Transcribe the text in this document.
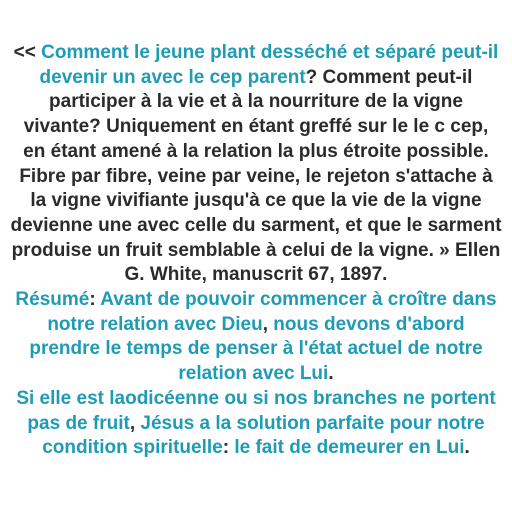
<< Comment le jeune plant desséché et séparé peut-il devenir un avec le cep parent? Comment peut-il participer à la vie et à la nourriture de la vigne vivante? Uniquement en étant greffé sur le le c cep, en étant amené à la relation la plus étroite possible. Fibre par fibre, veine par veine, le rejeton s'attache à la vigne vivifiante jusqu'à ce que la vie de la vigne devienne une avec celle du sarment, et que le sarment produise un fruit semblable à celui de la vigne. » Ellen G. White, manuscrit 67, 1897.

Résumé: Avant de pouvoir commencer à croître dans notre relation avec Dieu, nous devons d'abord prendre le temps de penser à l'état actuel de notre relation avec Lui.

Si elle est laodicéenne ou si nos branches ne portent pas de fruit, Jésus a la solution parfaite pour notre condition spirituelle: le fait de demeurer en Lui.
